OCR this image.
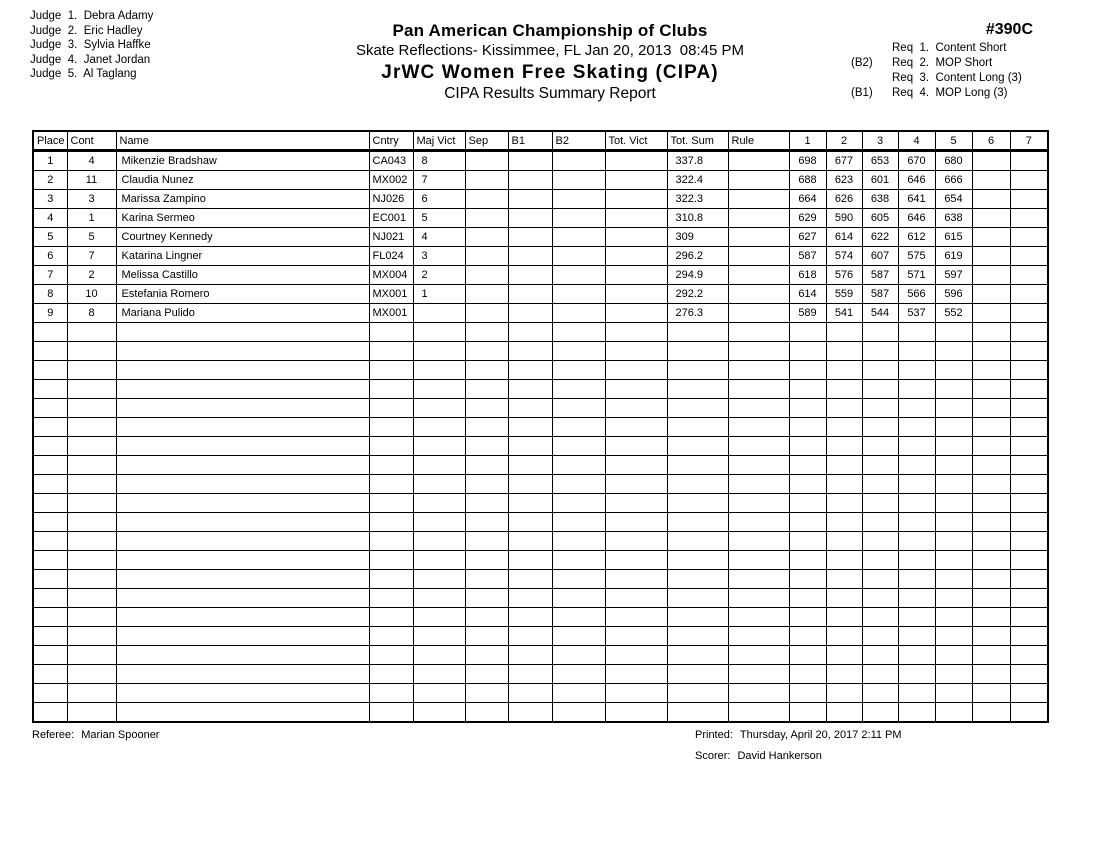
Judge  1.  Debra Adamy
Judge  2.  Eric Hadley
Judge  3.  Sylvia Haffke
Judge  4.  Janet Jordan
Judge  5.  Al Taglang
Pan American Championship of Clubs
Skate Reflections- Kissimmee, FL Jan 20, 2013  08:45 PM
JrWC Women Free Skating (CIPA)
CIPA Results Summary Report
#390C
Req  1.  Content Short
(B2)	Req  2.  MOP Short
Req  3.  Content Long (3)
(B1)	Req  4.  MOP Long (3)
Place	Cont	Name	Cntry	Maj Vict	Sep	B1	B2	Tot. Vict	Tot. Sum	Rule	1	2	3	4	5	6	7
1	4	Mikenzie Bradshaw	CA043	8					337.8		698	677	653	670	680		
2	11	Claudia Nunez	MX002	7					322.4		688	623	601	646	666		
3	3	Marissa Zampino	NJ026	6					322.3		664	626	638	641	654		
4	1	Karina Sermeo	EC001	5					310.8		629	590	605	646	638		
5	5	Courtney Kennedy	NJ021	4					309		627	614	622	612	615		
6	7	Katarina Lingner	FL024	3					296.2		587	574	607	575	619		
7	2	Melissa Castillo	MX004	2					294.9		618	576	587	571	597		
8	10	Estefania Romero	MX001	1					292.2		614	559	587	566	596		
9	8	Mariana Pulido	MX001						276.3		589	541	544	537	552		

Referee: Marian Spooner	Printed: Thursday, April 20, 2017 2:11 PM
Scorer: David Hankerson
